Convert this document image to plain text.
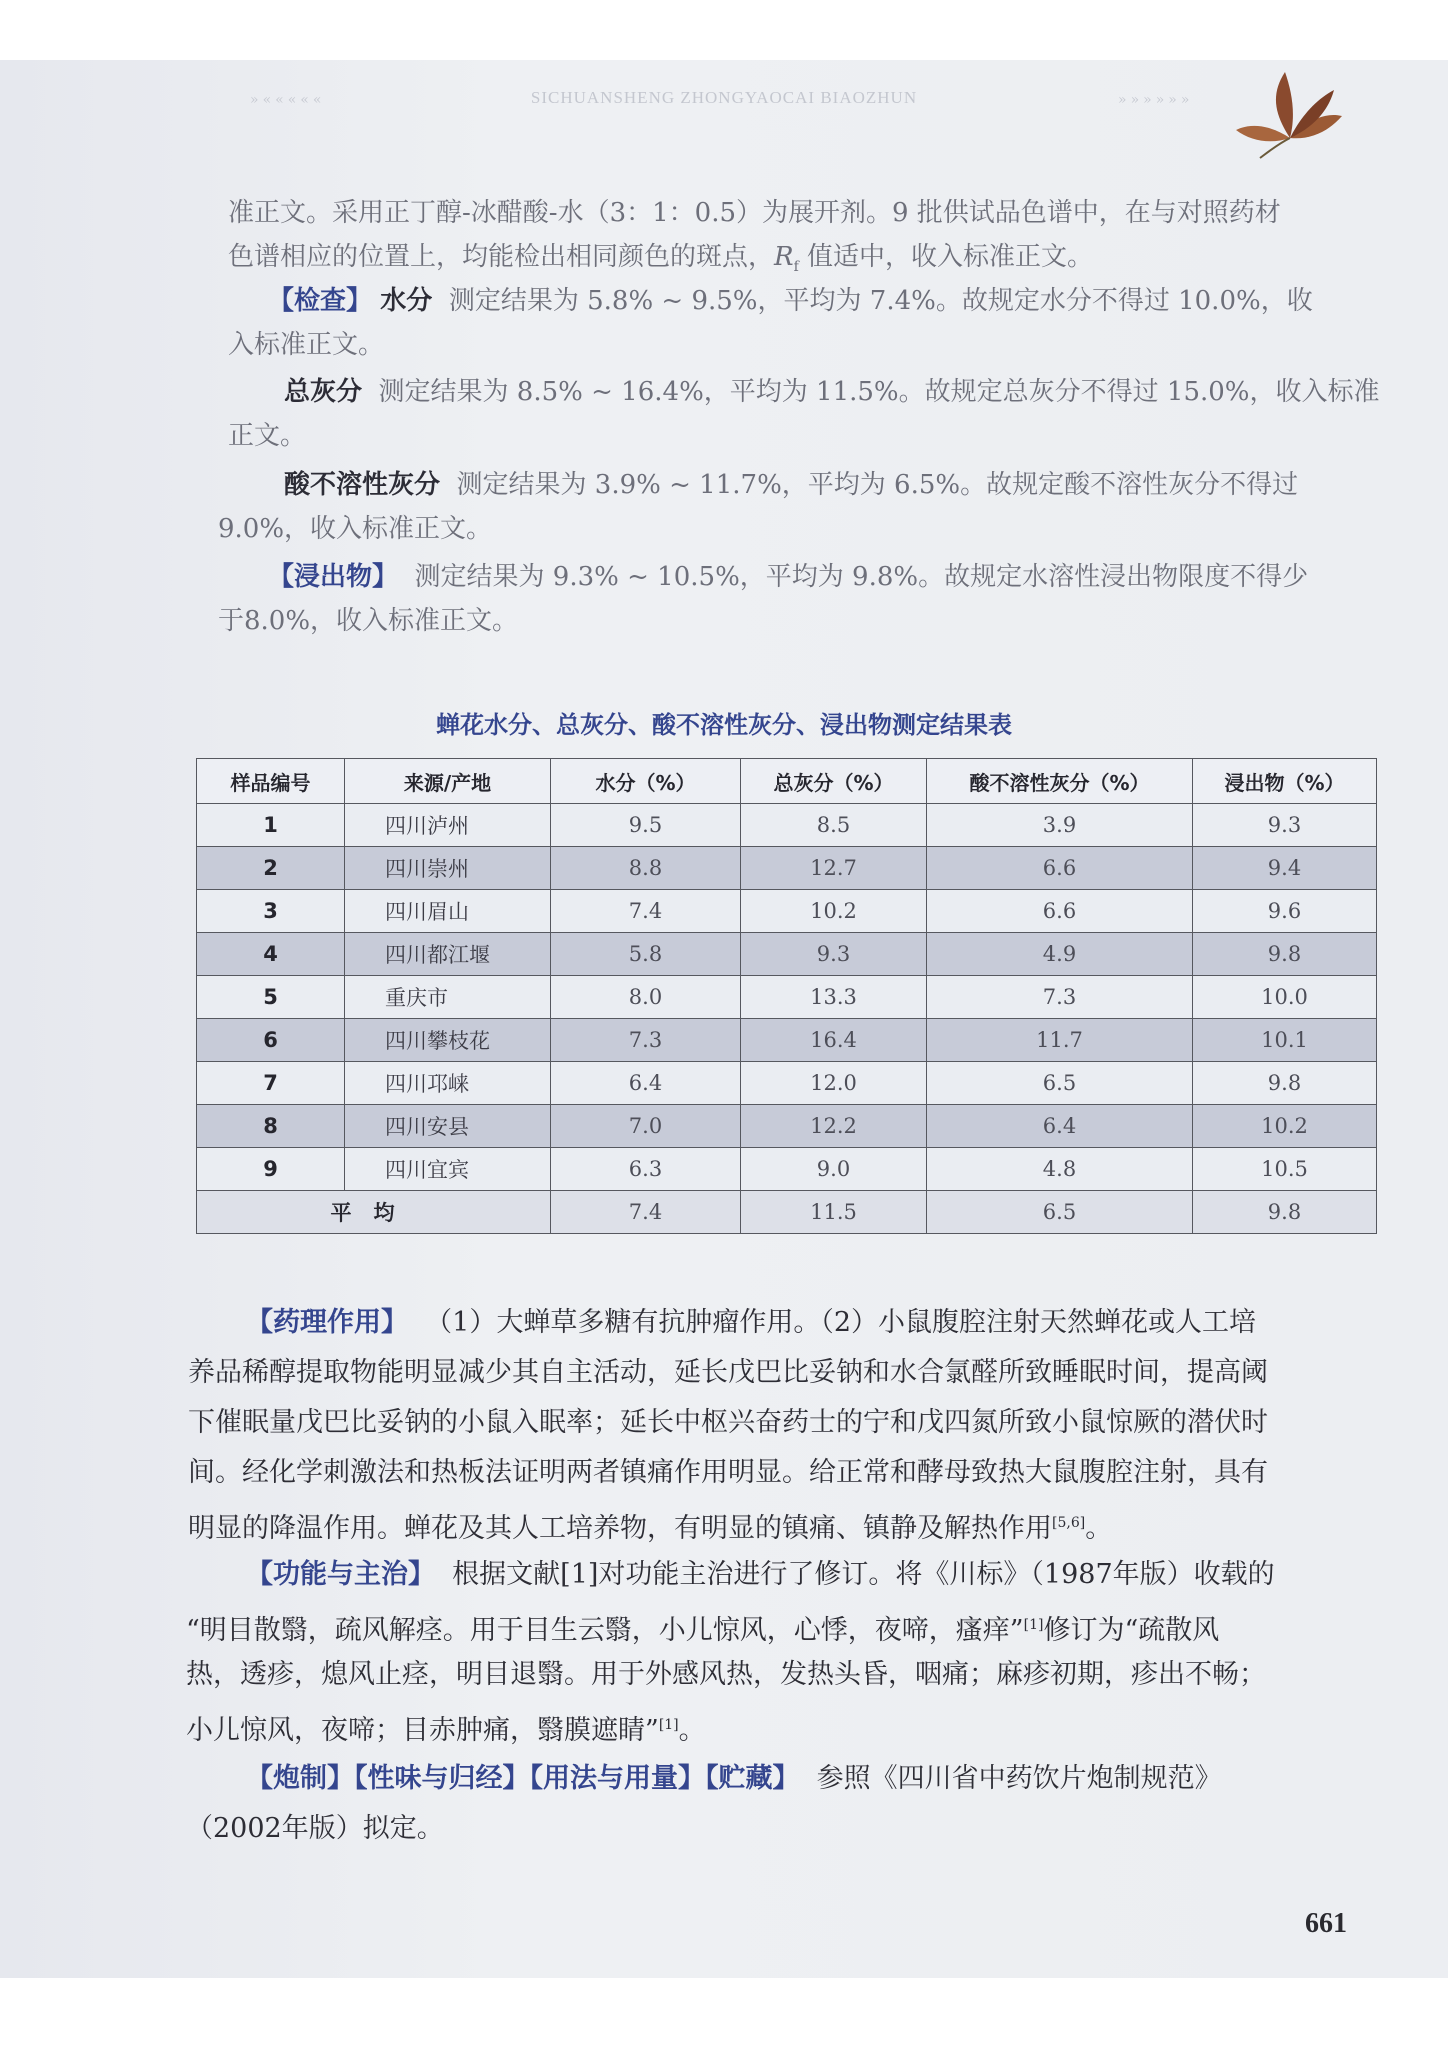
»«««««	SICHUANSHENG ZHONGYAOCAI BIAOZHUN	»»»»»»

准正文。采用正丁醇-冰醋酸-水（3：1：0.5）为展开剂。9 批供试品色谱中，在与对照药材

色谱相应的位置上，均能检出相同颜色的斑点，$R_f$ 值适中，收入标准正文。

【检查】 水分 测定结果为 5.8% ~ 9.5%，平均为 7.4%。故规定水分不得过 10.0%，收

入标准正文。

总灰分 测定结果为 8.5% ~ 16.4%，平均为 11.5%。故规定总灰分不得过 15.0%，收入标准

正文。

酸不溶性灰分 测定结果为 3.9% ~ 11.7%，平均为 6.5%。故规定酸不溶性灰分不得过

9.0%，收入标准正文。

【浸出物】 测定结果为 9.3% ~ 10.5%，平均为 9.8%。故规定水溶性浸出物限度不得少

于8.0%，收入标准正文。

蝉花水分、总灰分、酸不溶性灰分、浸出物测定结果表
样品编号	来源/产地	水分（%）	总灰分（%）	酸不溶性灰分（%）	浸出物（%）
1	四川泸州	9.5	8.5	3.9	9.3
2	四川崇州	8.8	12.7	6.6	9.4
3	四川眉山	7.4	10.2	6.6	9.6
4	四川都江堰	5.8	9.3	4.9	9.8
5	重庆市	8.0	13.3	7.3	10.0
6	四川攀枝花	7.3	16.4	11.7	10.1
7	四川邛崃	6.4	12.0	6.5	9.8
8	四川安县	7.0	12.2	6.4	10.2
9	四川宜宾	6.3	9.0	4.8	10.5
平均		7.4	11.5	6.5	9.8

【药理作用】 （1）大蝉草多糖有抗肿瘤作用。（2）小鼠腹腔注射天然蝉花或人工培

养品稀醇提取物能明显减少其自主活动，延长戊巴比妥钠和水合氯醛所致睡眠时间，提高阈

下催眠量戊巴比妥钠的小鼠入眠率；延长中枢兴奋药士的宁和戊四氮所致小鼠惊厥的潜伏时

间。经化学刺激法和热板法证明两者镇痛作用明显。给正常和酵母致热大鼠腹腔注射，具有

明显的降温作用。蝉花及其人工培养物，有明显的镇痛、镇静及解热作用[5,6]。

【功能与主治】 根据文献[1]对功能主治进行了修订。将《川标》（1987年版）收载的

“明目散翳，疏风解痉。用于目生云翳，小儿惊风，心悸，夜啼，瘙痒”[1]修订为“疏散风

热，透疹，熄风止痉，明目退翳。用于外感风热，发热头昏，咽痛；麻疹初期，疹出不畅；

小儿惊风，夜啼；目赤肿痛，翳膜遮睛”[1]。

【炮制】【性味与归经】【用法与用量】【贮藏】 参照《四川省中药饮片炮制规范》

（2002年版）拟定。

661
